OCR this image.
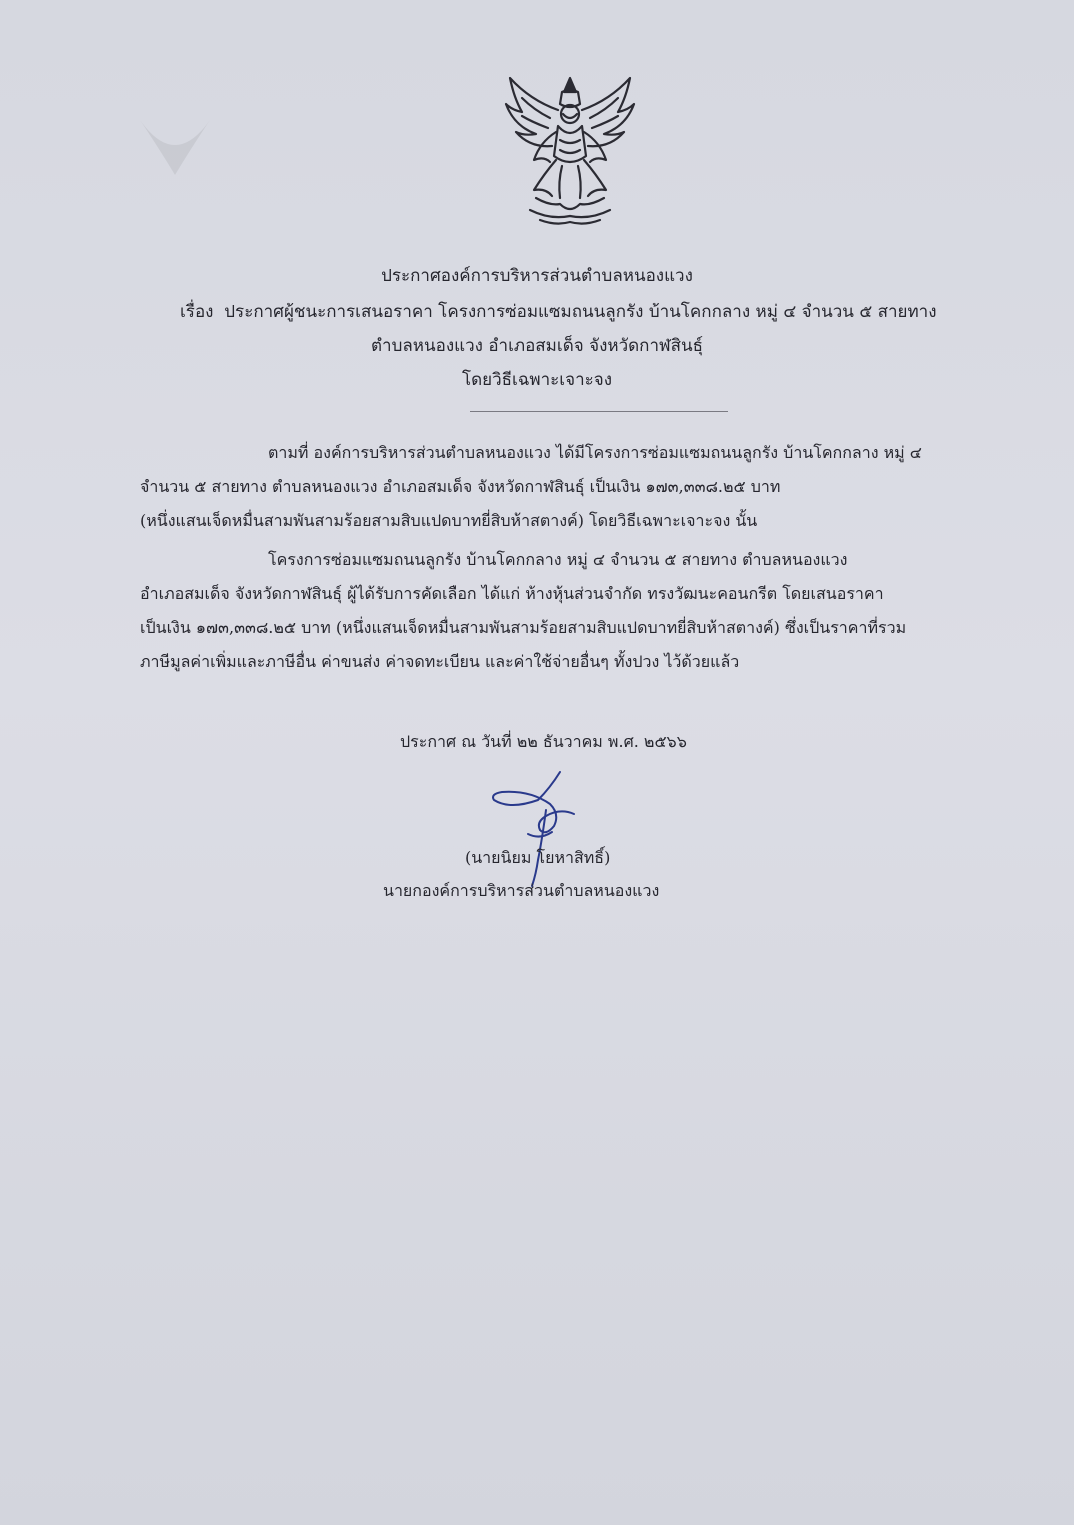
ประกาศองค์การบริหารส่วนตำบลหนองแวง
เรื่อง ประกาศผู้ชนะการเสนอราคา โครงการซ่อมแซมถนนลูกรัง บ้านโคกกลาง หมู่ ๔ จำนวน ๕ สายทาง
ตำบลหนองแวง อำเภอสมเด็จ จังหวัดกาฬสินธุ์
โดยวิธีเฉพาะเจาะจง
ตามที่ องค์การบริหารส่วนตำบลหนองแวง ได้มีโครงการซ่อมแซมถนนลูกรัง บ้านโคกกลาง หมู่ ๔
จำนวน ๕ สายทาง ตำบลหนองแวง อำเภอสมเด็จ จังหวัดกาฬสินธุ์ เป็นเงิน ๑๗๓,๓๓๘.๒๕ บาท
(หนึ่งแสนเจ็ดหมื่นสามพันสามร้อยสามสิบแปดบาทยี่สิบห้าสตางค์) โดยวิธีเฉพาะเจาะจง นั้น
โครงการซ่อมแซมถนนลูกรัง บ้านโคกกลาง หมู่ ๔ จำนวน ๕ สายทาง ตำบลหนองแวง
อำเภอสมเด็จ จังหวัดกาฬสินธุ์ ผู้ได้รับการคัดเลือก ได้แก่ ห้างหุ้นส่วนจำกัด ทรงวัฒนะคอนกรีต โดยเสนอราคา
เป็นเงิน ๑๗๓,๓๓๘.๒๕ บาท (หนึ่งแสนเจ็ดหมื่นสามพันสามร้อยสามสิบแปดบาทยี่สิบห้าสตางค์) ซึ่งเป็นราคาที่รวม
ภาษีมูลค่าเพิ่มและภาษีอื่น ค่าขนส่ง ค่าจดทะเบียน และค่าใช้จ่ายอื่นๆ ทั้งปวง ไว้ด้วยแล้ว
ประกาศ ณ วันที่ ๒๒ ธันวาคม พ.ศ. ๒๕๖๖
(นายนิยม โยหาสิทธิ์)
นายกองค์การบริหารส่วนตำบลหนองแวง
